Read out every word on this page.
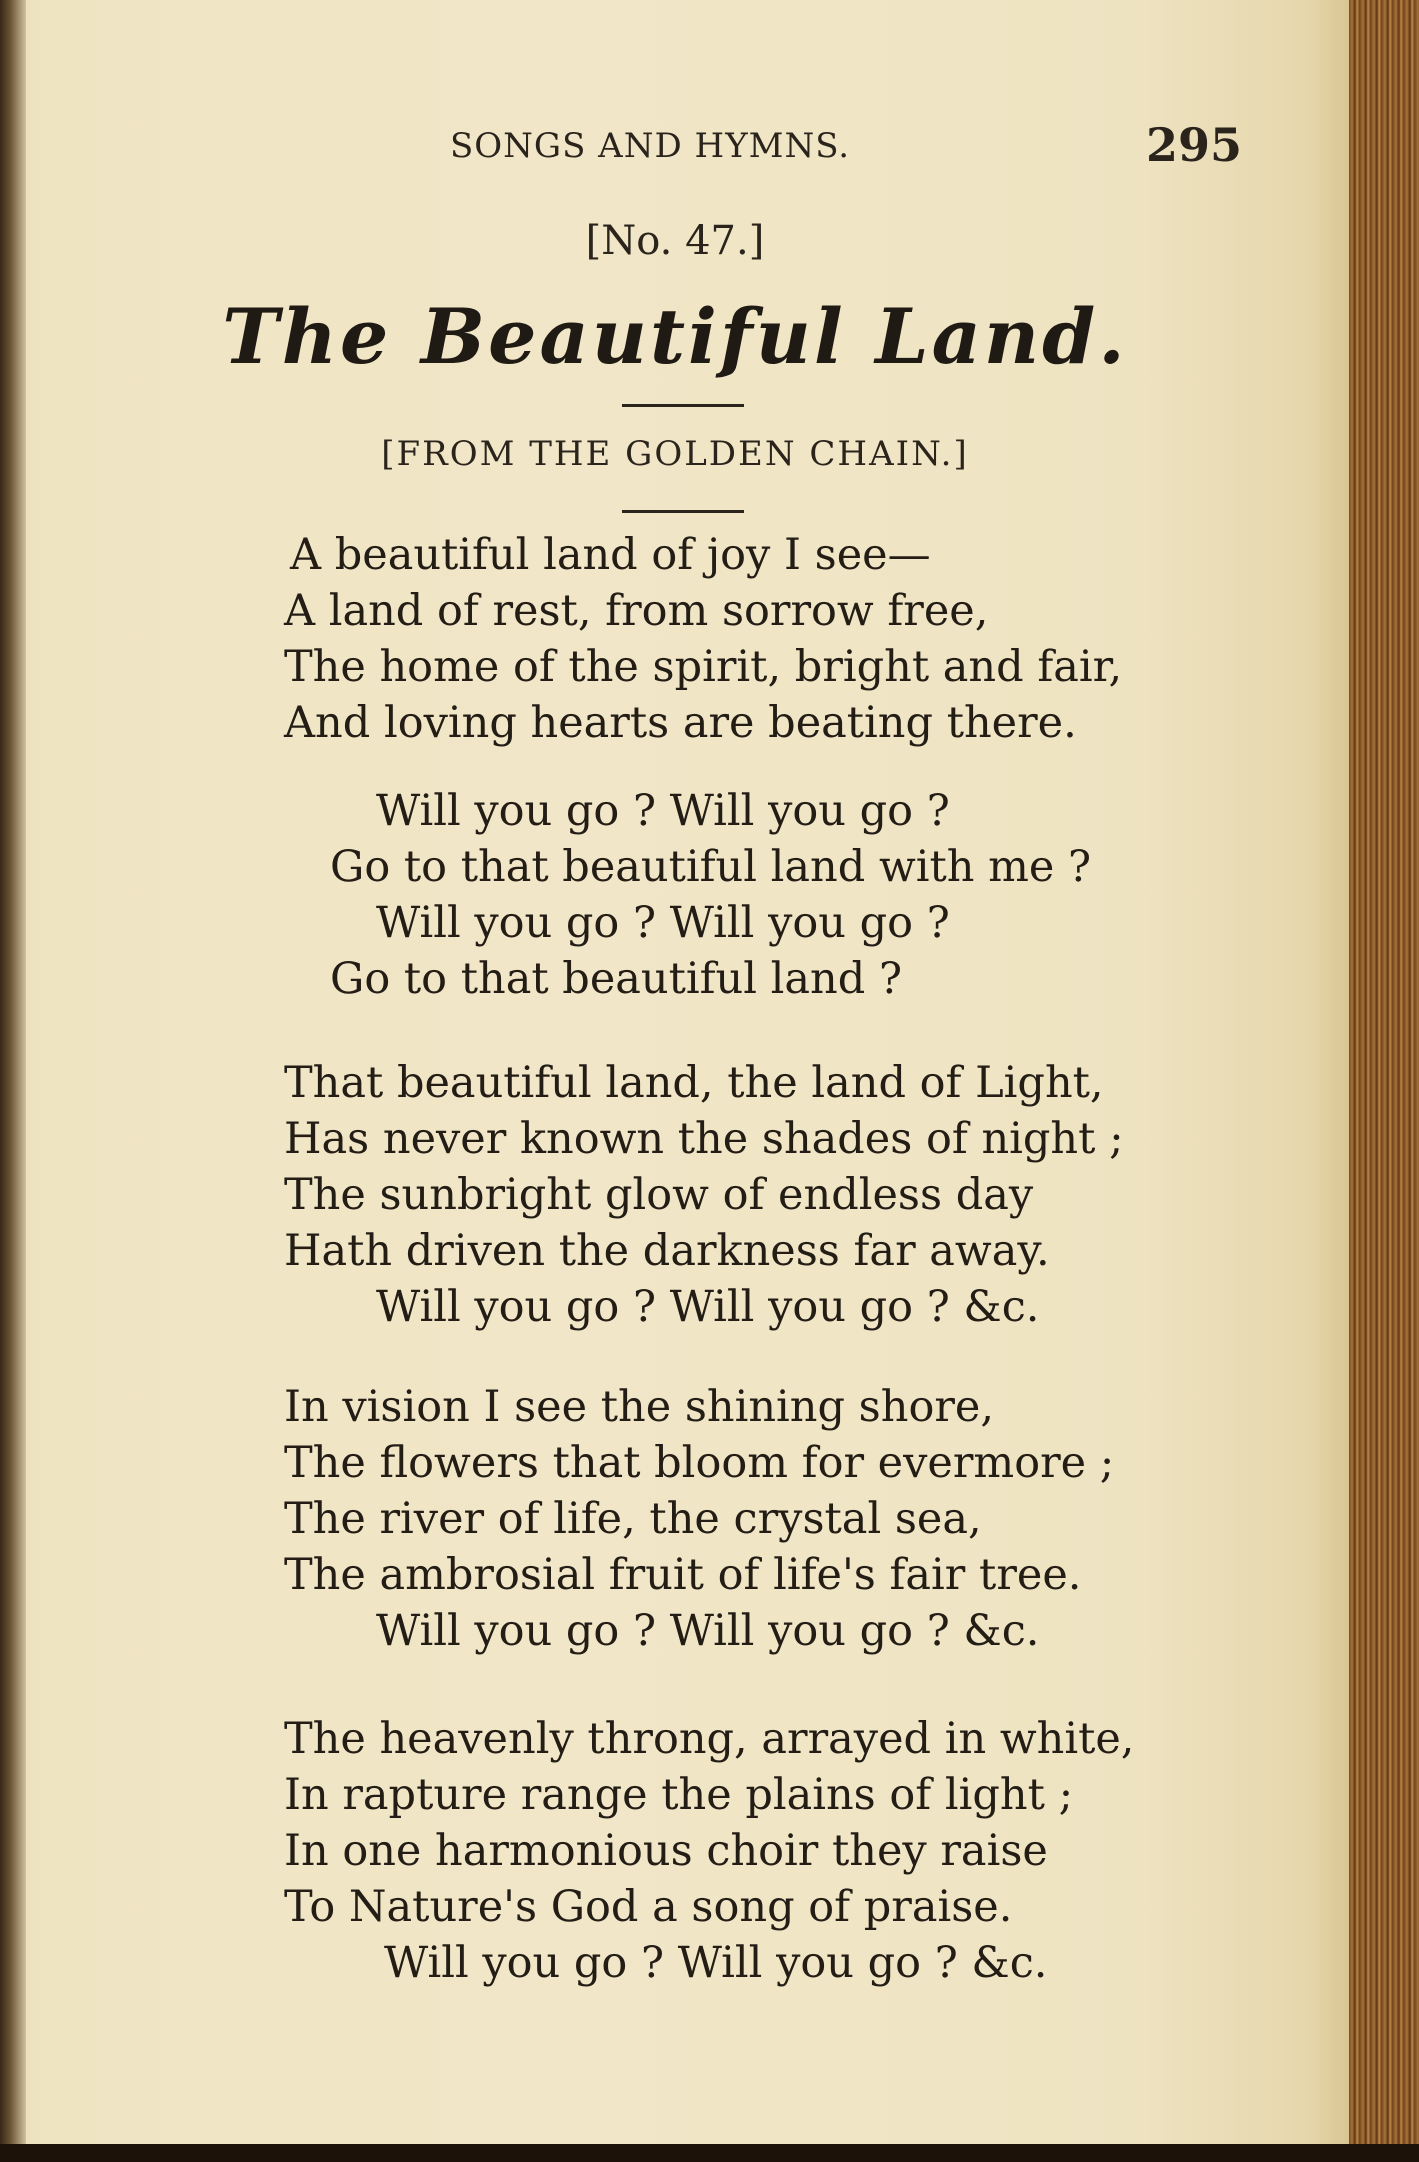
SONGS AND HYMNS.	295
[No. 47.]
The Beautiful Land.
[FROM THE GOLDEN CHAIN.]
A beautiful land of joy I see—
A land of rest, from sorrow free,
The home of the spirit, bright and fair,
And loving hearts are beating there.
Will you go ? Will you go ?
Go to that beautiful land with me ?
Will you go ? Will you go ?
Go to that beautiful land ?
That beautiful land, the land of Light,
Has never known the shades of night ;
The sunbright glow of endless day
Hath driven the darkness far away.
Will you go ? Will you go ? &c.
In vision I see the shining shore,
The flowers that bloom for evermore ;
The river of life, the crystal sea,
The ambrosial fruit of life's fair tree.
Will you go ? Will you go ? &c.
The heavenly throng, arrayed in white,
In rapture range the plains of light ;
In one harmonious choir they raise
To Nature's God a song of praise.
Will you go ? Will you go ? &c.
